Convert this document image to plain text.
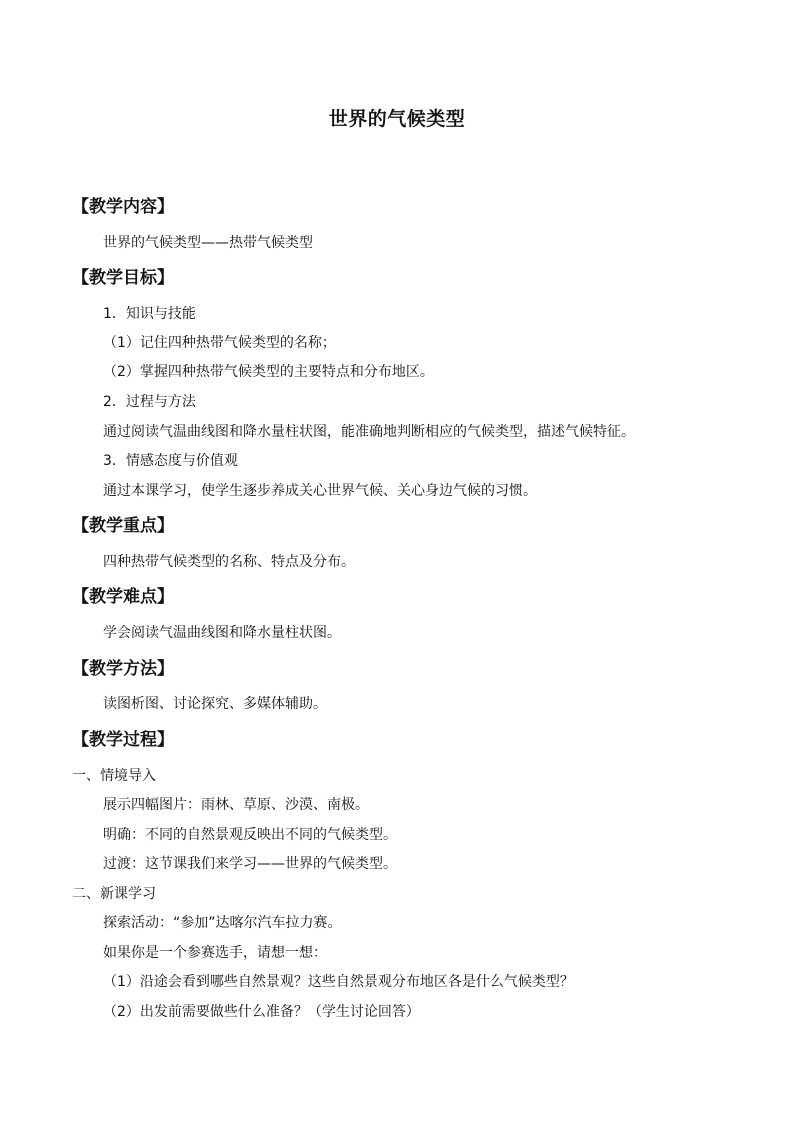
世界的气候类型
【教学内容】
世界的气候类型——热带气候类型
【教学目标】
1．知识与技能
（1）记住四种热带气候类型的名称；
（2）掌握四种热带气候类型的主要特点和分布地区。
2．过程与方法
通过阅读气温曲线图和降水量柱状图，能准确地判断相应的气候类型，描述气候特征。
3．情感态度与价值观
通过本课学习，使学生逐步养成关心世界气候、关心身边气候的习惯。
【教学重点】
四种热带气候类型的名称、特点及分布。
【教学难点】
学会阅读气温曲线图和降水量柱状图。
【教学方法】
读图析图、讨论探究、多媒体辅助。
【教学过程】
一、情境导入
展示四幅图片：雨林、草原、沙漠、南极。
明确：不同的自然景观反映出不同的气候类型。
过渡：这节课我们来学习——世界的气候类型。
二、新课学习
探索活动：“参加”达喀尔汽车拉力赛。
如果你是一个参赛选手，请想一想：
（1）沿途会看到哪些自然景观？这些自然景观分布地区各是什么气候类型？
（2）出发前需要做些什么准备？（学生讨论回答）
